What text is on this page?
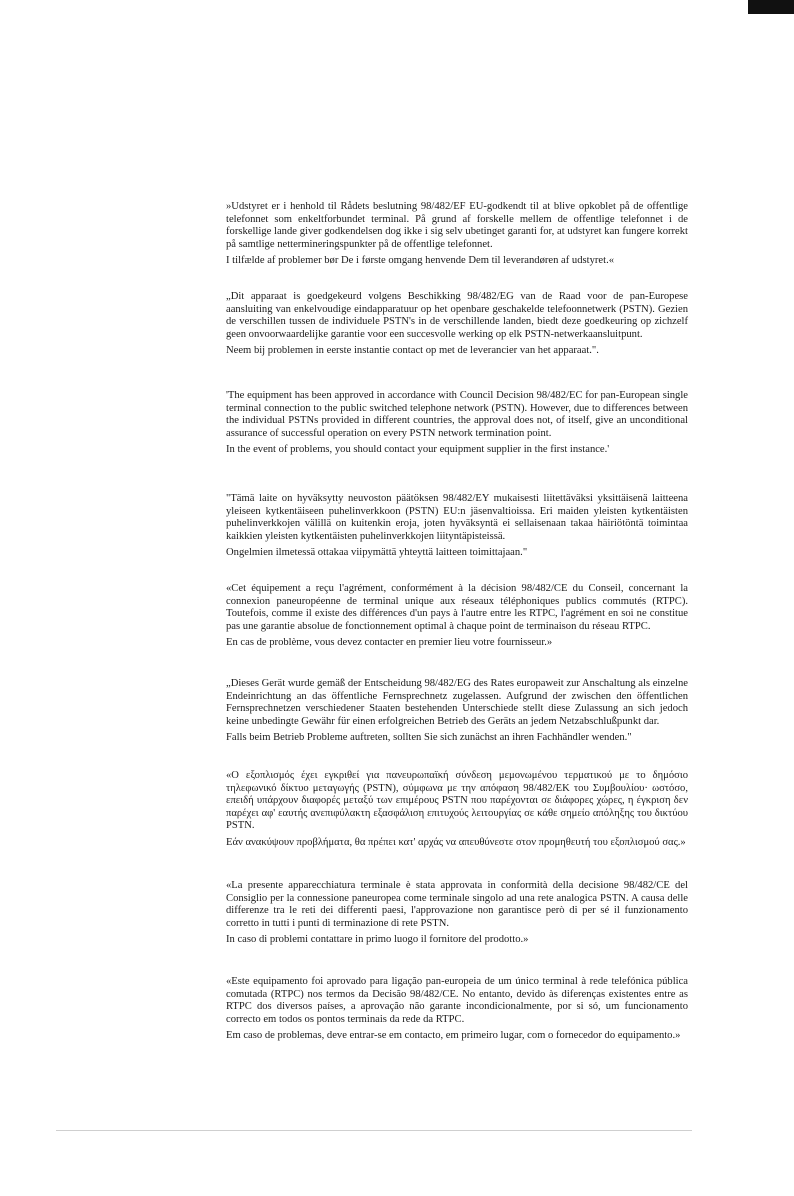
»Udstyret er i henhold til Rådets beslutning 98/482/EF EU-godkendt til at blive opkoblet på de offentlige telefonnet som enkeltforbundet terminal. På grund af forskelle mellem de offentlige telefonnet i de forskellige lande giver godkendelsen dog ikke i sig selv ubetinget garanti for, at udstyret kan fungere korrekt på samtlige nettermineringspunkter på de offentlige telefonnet.

I tilfælde af problemer bør De i første omgang henvende Dem til leverandøren af udstyret.«

„Dit apparaat is goedgekeurd volgens Beschikking 98/482/EG van de Raad voor de pan-Europese aansluiting van enkelvoudige eindapparatuur op het openbare geschakelde telefoonnetwerk (PSTN). Gezien de verschillen tussen de individuele PSTN's in de verschillende landen, biedt deze goedkeuring op zichzelf geen onvoorwaardelijke garantie voor een succesvolle werking op elk PSTN-netwerkaansluitpunt.

Neem bij problemen in eerste instantie contact op met de leverancier van het apparaat.".

'The equipment has been approved in accordance with Council Decision 98/482/EC for pan-European single terminal connection to the public switched telephone network (PSTN). However, due to differences between the individual PSTNs provided in different countries, the approval does not, of itself, give an unconditional assurance of successful operation on every PSTN network termination point.

In the event of problems, you should contact your equipment supplier in the first instance.'

"Tämä laite on hyväksytty neuvoston päätöksen 98/482/EY mukaisesti liitettäväksi yksittäisenä laitteena yleiseen kytkentäiseen puhelinverkkoon (PSTN) EU:n jäsenvaltioissa. Eri maiden yleisten kytkentäisten puhelinverkkojen välillä on kuitenkin eroja, joten hyväksyntä ei sellaisenaan takaa häiriötöntä toimintaa kaikkien yleisten kytkentäisten puhelinverkkojen liityntäpisteissä.

Ongelmien ilmetessä ottakaa viipymättä yhteyttä laitteen toimittajaan."

«Cet équipement a reçu l'agrément, conformément à la décision 98/482/CE du Conseil, concernant la connexion paneuropéenne de terminal unique aux réseaux téléphoniques publics commutés (RTPC). Toutefois, comme il existe des différences d'un pays à l'autre entre les RTPC, l'agrément en soi ne constitue pas une garantie absolue de fonctionnement optimal à chaque point de terminaison du réseau RTPC.

En cas de problème, vous devez contacter en premier lieu votre fournisseur.»

„Dieses Gerät wurde gemäß der Entscheidung 98/482/EG des Rates europaweit zur Anschaltung als einzelne Endeinrichtung an das öffentliche Fernsprechnetz zugelassen. Aufgrund der zwischen den öffentlichen Fernsprechnetzen verschiedener Staaten bestehenden Unterschiede stellt diese Zulassung an sich jedoch keine unbedingte Gewähr für einen erfolgreichen Betrieb des Geräts an jedem Netzabschlußpunkt dar.

Falls beim Betrieb Probleme auftreten, sollten Sie sich zunächst an ihren Fachhändler wenden."

«Ο εξοπλισμός έχει εγκριθεί για πανευρωπαϊκή σύνδεση μεμονωμένου τερματικού με το δημόσιο τηλεφωνικό δίκτυο μεταγωγής (PSTN), σύμφωνα με την απόφαση 98/482/ΕΚ του Συμβουλίου· ωστόσο, επειδή υπάρχουν διαφορές μεταξύ των επιμέρους PSTN που παρέχονται σε διάφορες χώρες, η έγκριση δεν παρέχει αφ' εαυτής ανεπιφύλακτη εξασφάλιση επιτυχούς λειτουργίας σε κάθε σημείο απόληξης του δικτύου PSTN.

Εάν ανακύψουν προβλήματα, θα πρέπει κατ' αρχάς να απευθύνεστε στον προμηθευτή του εξοπλισμού σας.»

«La presente apparecchiatura terminale è stata approvata in conformità della decisione 98/482/CE del Consiglio per la connessione paneuropea come terminale singolo ad una rete analogica PSTN. A causa delle differenze tra le reti dei differenti paesi, l'approvazione non garantisce però di per sé il funzionamento corretto in tutti i punti di terminazione di rete PSTN.

In caso di problemi contattare in primo luogo il fornitore del prodotto.»

«Este equipamento foi aprovado para ligação pan-europeia de um único terminal à rede telefónica pública comutada (RTPC) nos termos da Decisão 98/482/CE. No entanto, devido às diferenças existentes entre as RTPC dos diversos países, a aprovação não garante incondicionalmente, por si só, um funcionamento correcto em todos os pontos terminais da rede da RTPC.

Em caso de problemas, deve entrar-se em contacto, em primeiro lugar, com o fornecedor do equipamento.»
